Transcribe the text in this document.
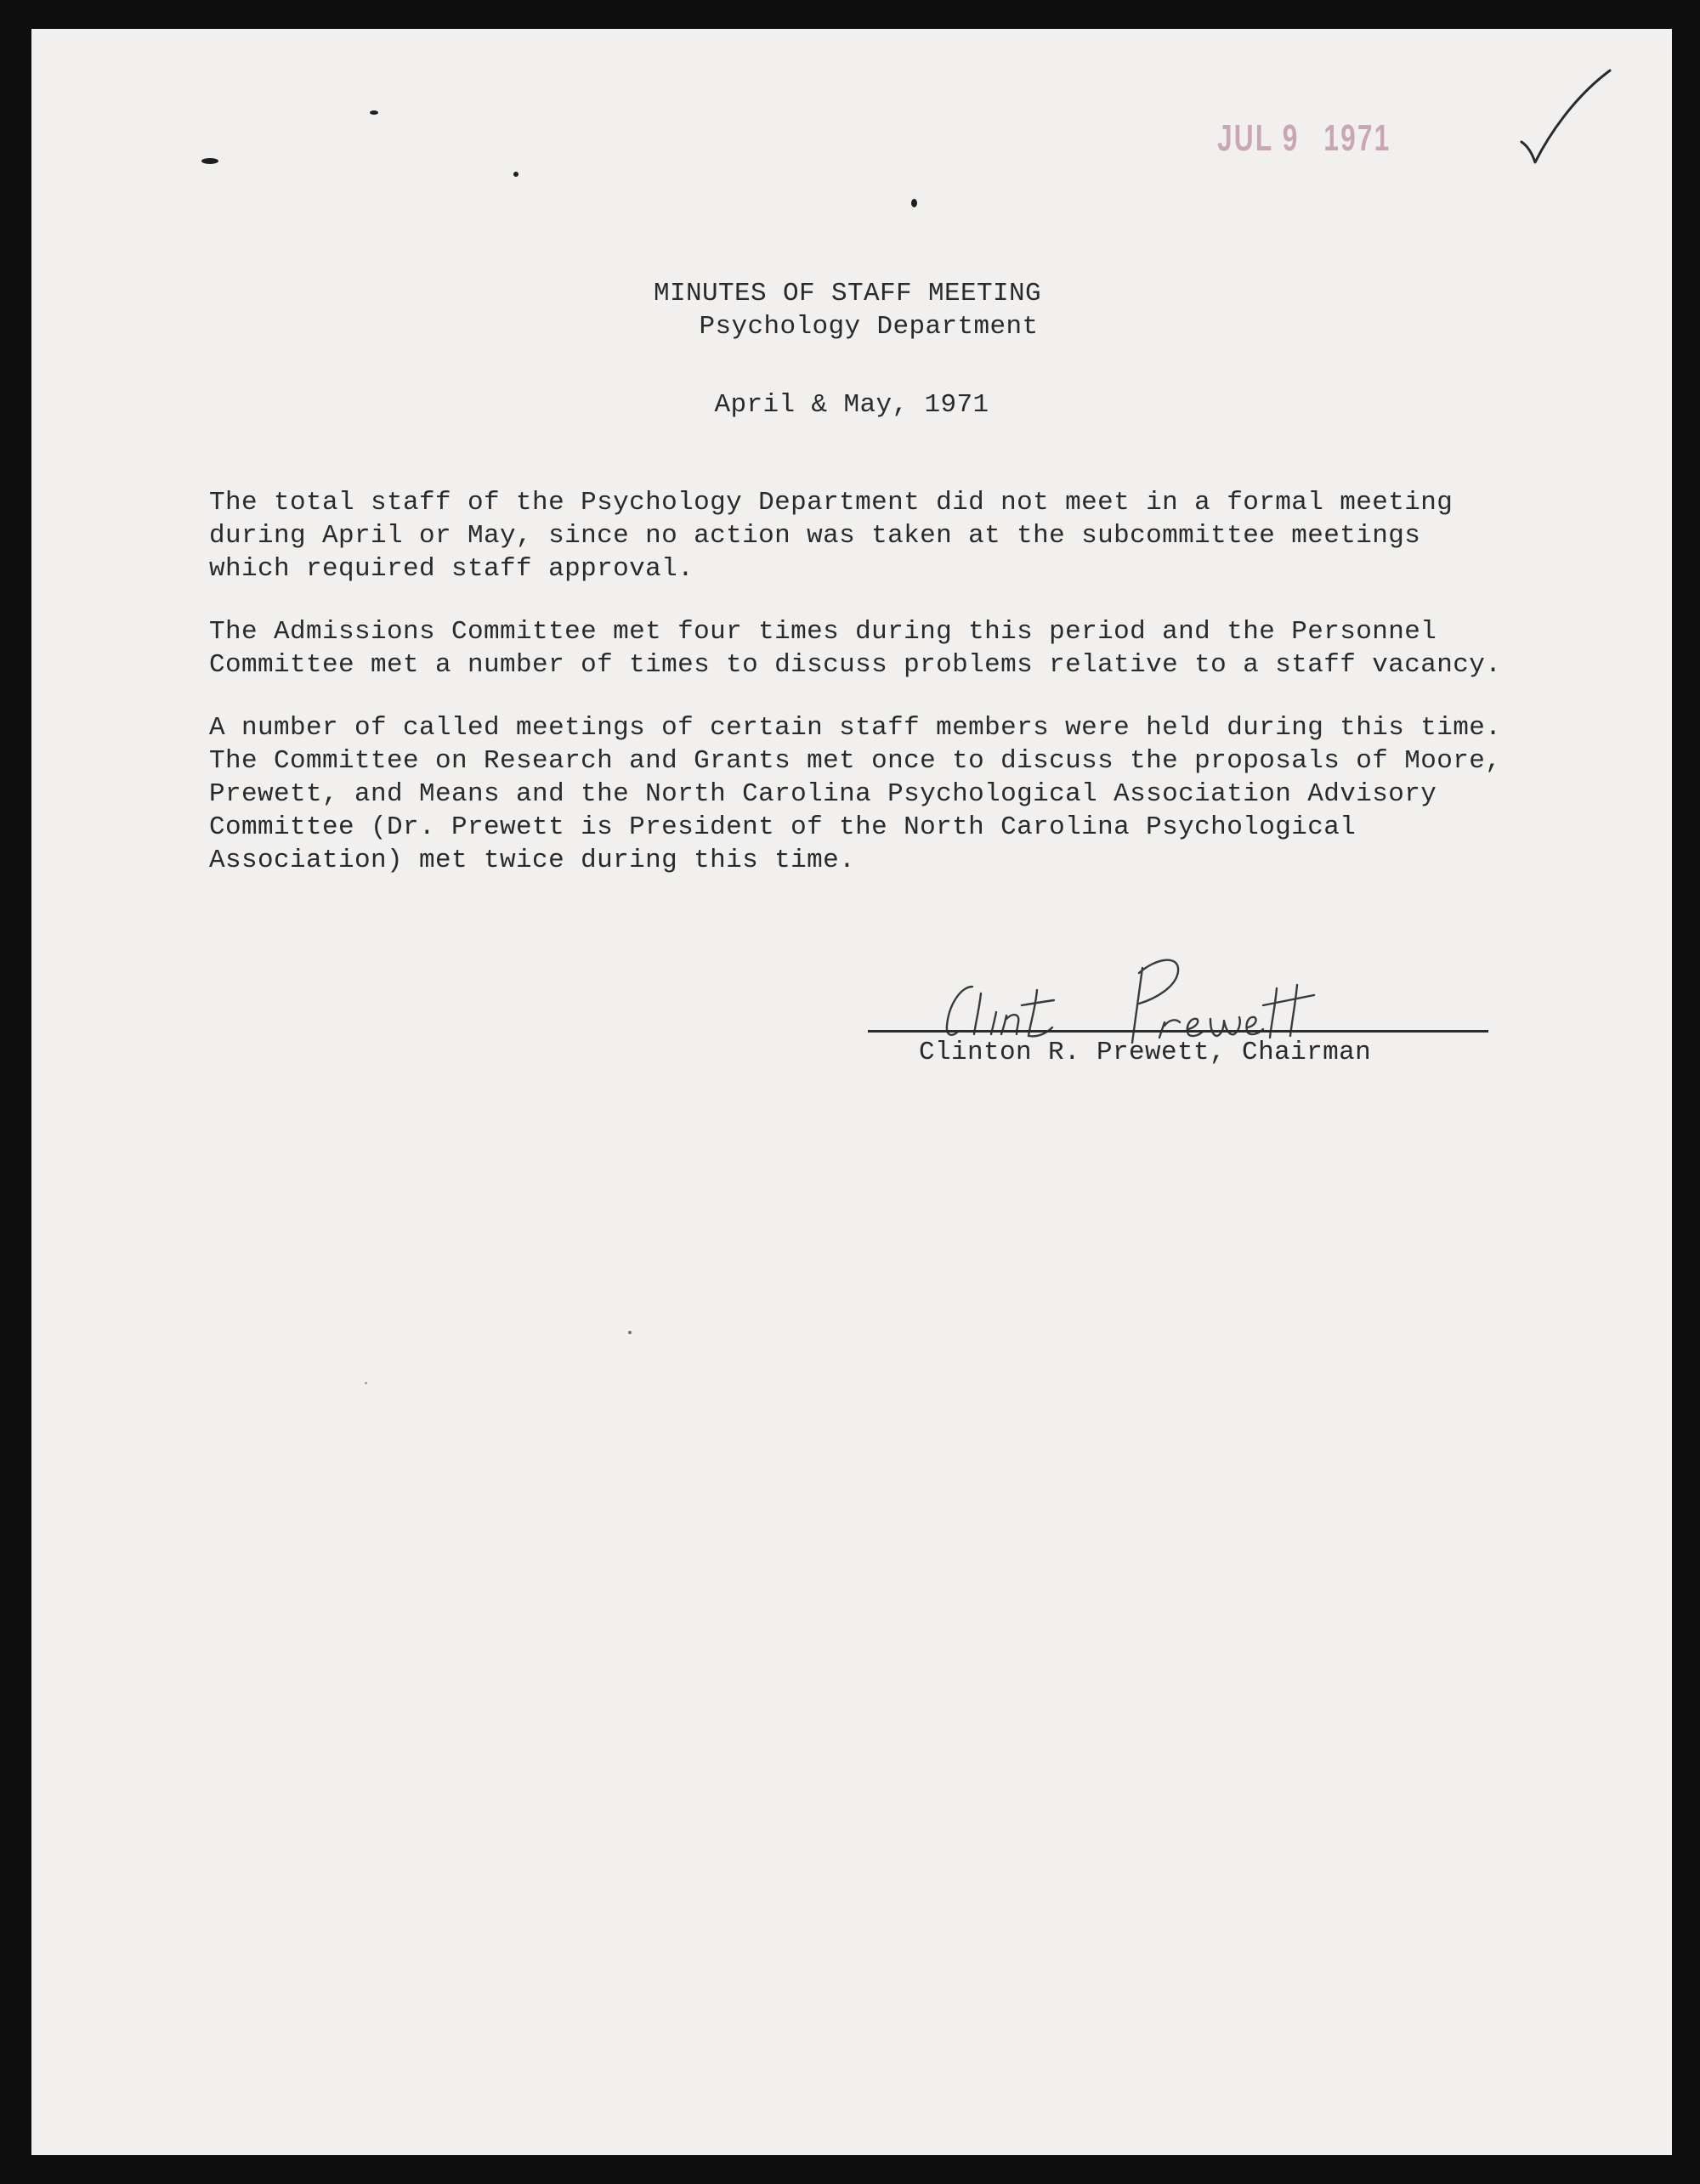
JUL 9 1971
MINUTES OF STAFF MEETING
Psychology Department
April & May, 1971

The total staff of the Psychology Department did not meet in a formal meeting
during April or May, since no action was taken at the subcommittee meetings
which required staff approval.

The Admissions Committee met four times during this period and the Personnel
Committee met a number of times to discuss problems relative to a staff vacancy.

A number of called meetings of certain staff members were held during this time.
The Committee on Research and Grants met once to discuss the proposals of Moore,
Prewett, and Means and the North Carolina Psychological Association Advisory
Committee (Dr. Prewett is President of the North Carolina Psychological
Association) met twice during this time.

Clinton R. Prewett, Chairman
